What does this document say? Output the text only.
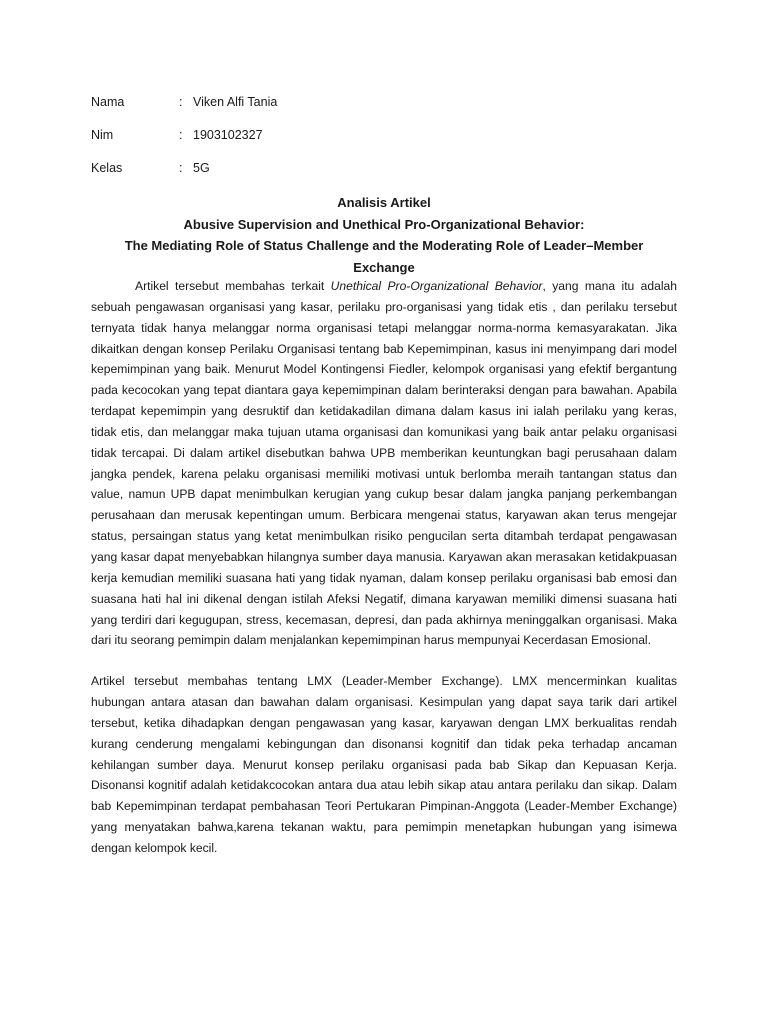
Nama	: Viken Alfi Tania
Nim	: 1903102327
Kelas	: 5G
Analisis Artikel
Abusive Supervision and Unethical Pro-Organizational Behavior:
The Mediating Role of Status Challenge and the Moderating Role of Leader–Member
Exchange

Artikel tersebut membahas terkait Unethical Pro-Organizational Behavior, yang mana itu adalah sebuah pengawasan organisasi yang kasar, perilaku pro-organisasi yang tidak etis , dan perilaku tersebut ternyata tidak hanya melanggar norma organisasi tetapi melanggar norma-norma kemasyarakatan. Jika dikaitkan dengan konsep Perilaku Organisasi tentang bab Kepemimpinan, kasus ini menyimpang dari model kepemimpinan yang baik. Menurut Model Kontingensi Fiedler, kelompok organisasi yang efektif bergantung pada kecocokan yang tepat diantara gaya kepemimpinan dalam berinteraksi dengan para bawahan. Apabila terdapat kepemimpin yang desruktif dan ketidakadilan dimana dalam kasus ini ialah perilaku yang keras, tidak etis, dan melanggar maka tujuan utama organisasi dan komunikasi yang baik antar pelaku organisasi tidak tercapai. Di dalam artikel disebutkan bahwa UPB memberikan keuntungkan bagi perusahaan dalam jangka pendek, karena pelaku organisasi memiliki motivasi untuk berlomba meraih tantangan status dan value, namun UPB dapat menimbulkan kerugian yang cukup besar dalam jangka panjang perkembangan perusahaan dan merusak kepentingan umum. Berbicara mengenai status, karyawan akan terus mengejar status, persaingan status yang ketat menimbulkan risiko pengucilan serta ditambah terdapat pengawasan yang kasar dapat menyebabkan hilangnya sumber daya manusia. Karyawan akan merasakan ketidakpuasan kerja kemudian memiliki suasana hati yang tidak nyaman, dalam konsep perilaku organisasi bab emosi dan suasana hati hal ini dikenal dengan istilah Afeksi Negatif, dimana karyawan memiliki dimensi suasana hati yang terdiri dari kegugupan, stress, kecemasan, depresi, dan pada akhirnya meninggalkan organisasi. Maka dari itu seorang pemimpin dalam menjalankan kepemimpinan harus mempunyai Kecerdasan Emosional.

Artikel tersebut membahas tentang LMX (Leader-Member Exchange). LMX mencerminkan kualitas hubungan antara atasan dan bawahan dalam organisasi. Kesimpulan yang dapat saya tarik dari artikel tersebut, ketika dihadapkan dengan pengawasan yang kasar, karyawan dengan LMX berkualitas rendah kurang cenderung mengalami kebingungan dan disonansi kognitif dan tidak peka terhadap ancaman kehilangan sumber daya. Menurut konsep perilaku organisasi pada bab Sikap dan Kepuasan Kerja. Disonansi kognitif adalah ketidakcocokan antara dua atau lebih sikap atau antara perilaku dan sikap. Dalam bab Kepemimpinan terdapat pembahasan Teori Pertukaran Pimpinan-Anggota (Leader-Member Exchange) yang menyatakan bahwa,karena tekanan waktu, para pemimpin menetapkan hubungan yang isimewa dengan kelompok kecil.
